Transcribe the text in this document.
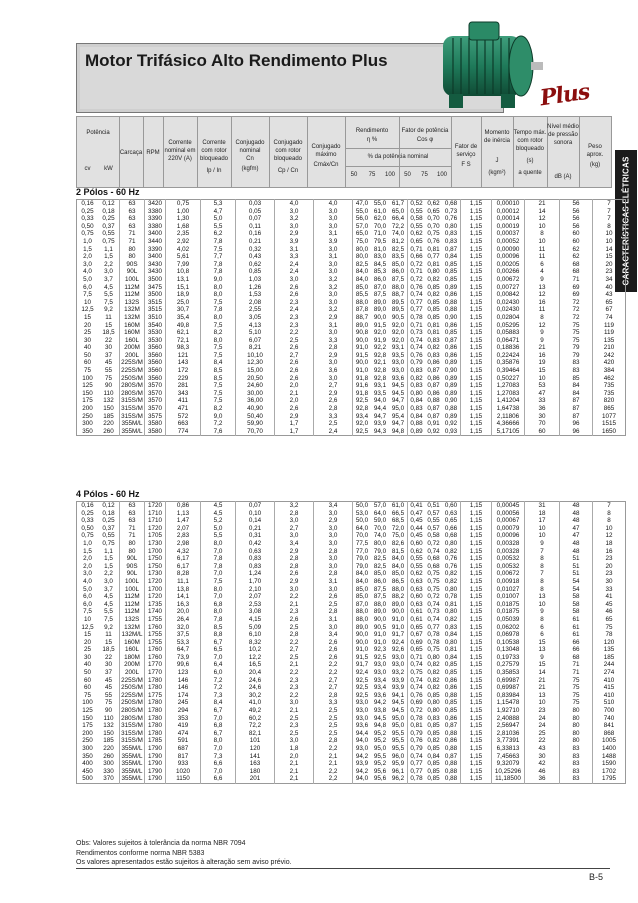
Motor Trifásico Alto Rendimento Plus
Plus
CARACTERÍSTICAS ELÉTRICAS
Potência
cv	kW
Carcaça RPM
Corrente nominal em 220V (A)
Corrente com rotor bloqueado
Ip / In
Conjugado nominal
Cn
(kgfm)
Conjugado com rotor bloqueado
Cp / Cn
Conjugado máximo
Cmáx/Cn
Rendimento
η %
Fator de potência
Cos φ
% da potência nominal
50	75	100	50	75	100
Fator de serviço
F S
Momento de inércia
J
(kgm²)
Tempo máx. com rotor bloqueado
(s)
a quente
Nível médio de pressão sonora
dB (A)
Peso aprox.
(kg)
2 Pólos - 60 Hz
0,16	0,12	63	3420	0,75	5,3	0,03	4,0	4,0	47,0	55,0	61,7	0,52	0,62	0,68	1,15	0,00010	21	56	7
0,25	0,18	63	3380	1,00	4,7	0,05	3,0	3,0	55,0	61,0	65,0	0,55	0,65	0,73	1,15	0,00012	14	56	7
0,33	0,25	63	3390	1,30	5,0	0,07	3,2	3,0	56,0	62,0	66,4	0,58	0,70	0,76	1,15	0,00014	12	56	7
0,50	0,37	63	3380	1,68	5,5	0,11	3,0	3,0	57,0	70,0	72,2	0,55	0,70	0,80	1,15	0,00019	10	56	8
0,75	0,55	71	3400	2,35	6,2	0,16	2,9	3,1	65,0	71,0	74,0	0,62	0,75	0,83	1,15	0,00037	8	60	10
1,0	0,75	71	3440	2,92	7,8	0,21	3,9	3,9	75,0	79,5	81,2	0,65	0,76	0,83	1,15	0,00052	10	60	10
1,5	1,1	80	3390	4,02	7,5	0,32	3,1	3,0	80,0	81,0	82,5	0,71	0,81	0,87	1,15	0,00090	11	62	14
2,0	1,5	80	3400	5,61	7,7	0,43	3,3	3,1	80,0	83,0	83,5	0,66	0,77	0,84	1,15	0,00096	11	62	15
3,0	2,2	90S	3430	7,99	7,8	0,62	2,4	3,0	82,5	84,5	85,0	0,72	0,81	0,85	1,15	0,00205	6	68	20
4,0	3,0	90L	3430	10,8	7,8	0,85	2,4	3,0	84,0	85,3	86,0	0,71	0,80	0,85	1,15	0,00266	4	68	23
5,0	3,7	100L	3500	13,1	9,0	1,03	3,0	3,2	84,0	86,0	87,5	0,72	0,82	0,85	1,15	0,00672	9	71	34
6,0	4,5	112M	3475	15,1	8,0	1,26	2,6	3,2	85,0	87,0	88,0	0,76	0,85	0,89	1,15	0,00727	13	69	40
7,5	5,5	112M	3500	18,9	8,0	1,53	2,6	3,0	85,5	87,5	88,7	0,74	0,82	0,86	1,15	0,00842	12	69	43
10	7,5	132S	3515	25,0	7,5	2,08	2,3	3,0	88,0	89,0	89,5	0,77	0,85	0,88	1,15	0,02430	16	72	65
12,5	9,2	132M	3515	30,7	7,8	2,55	2,4	3,2	87,8	89,0	89,5	0,77	0,85	0,88	1,15	0,02430	11	72	67
15	11	132M	3510	35,4	8,0	3,05	2,3	2,9	88,7	90,0	90,5	0,78	0,85	0,90	1,15	0,02804	8	72	74
20	15	160M	3540	49,8	7,5	4,13	2,3	3,1	89,0	91,5	92,0	0,71	0,81	0,86	1,15	0,05295	12	75	119
25	18,5	160M	3530	62,1	8,2	5,10	2,2	3,0	90,8	92,0	92,0	0,73	0,81	0,85	1,15	0,05883	9	75	119
30	22	160L	3530	72,1	8,0	6,07	2,5	3,3	90,0	91,9	92,0	0,74	0,83	0,87	1,15	0,06471	9	75	135
40	30	200M	3560	98,3	7,5	8,21	2,6	2,8	91,0	92,2	93,1	0,74	0,82	0,86	1,15	0,18836	21	79	210
50	37	200L	3560	121	7,5	10,10	2,7	2,9	91,5	92,8	93,5	0,76	0,83	0,86	1,15	0,22424	16	79	242
60	45	225S/M	3560	143	8,4	12,30	2,6	3,0	90,0	92,1	93,0	0,79	0,86	0,89	1,15	0,35876	19	83	420
75	55	225S/M	3560	172	8,5	15,00	2,6	3,6	91,0	92,8	93,0	0,83	0,87	0,90	1,15	0,39464	15	83	384
100	75	250S/M	3560	229	8,5	20,50	2,6	3,0	91,8	92,8	93,6	0,82	0,86	0,89	1,15	0,50227	10	85	462
125	90	280S/M	3570	281	7,5	24,60	2,0	2,7	91,6	93,1	94,5	0,83	0,87	0,89	1,15	1,27083	53	84	735
150	110	280S/M	3570	343	7,5	30,00	2,1	2,9	91,8	93,5	94,5	0,80	0,86	0,89	1,15	1,27083	47	84	735
175	132	315S/M	3570	411	7,5	36,00	2,0	2,6	92,5	94,0	94,7	0,84	0,88	0,90	1,15	1,41204	33	87	820
200	150	315S/M	3570	471	8,2	40,90	2,6	2,8	92,8	94,4	95,0	0,83	0,87	0,88	1,15	1,64738	36	87	865
250	185	315S/M	3575	572	9,0	50,40	2,9	3,3	93,4	94,7	95,4	0,84	0,87	0,89	1,15	2,11806	30	87	1077
300	220	355M/L	3580	663	7,2	59,90	1,7	2,5	92,0	93,9	94,7	0,88	0,91	0,92	1,15	4,36666	70	96	1515
350	260	355M/L	3580	774	7,6	70,70	1,7	2,4	92,5	94,3	94,8	0,89	0,92	0,93	1,15	5,17105	60	96	1650
4 Pólos - 60 Hz
0,16	0,12	63	1720	0,86	4,5	0,07	3,2	3,4	50,0	57,0	61,0	0,41	0,51	0,60	1,15	0,00045	31	48	7
0,25	0,18	63	1710	1,13	4,5	0,10	2,8	3,0	53,0	64,0	66,5	0,47	0,57	0,63	1,15	0,00056	18	48	8
0,33	0,25	63	1710	1,47	5,2	0,14	3,0	2,9	50,0	59,0	68,5	0,45	0,55	0,65	1,15	0,00067	17	48	8
0,50	0,37	71	1720	2,07	5,0	0,21	2,7	3,0	64,0	70,0	72,0	0,44	0,57	0,66	1,15	0,00079	10	47	10
0,75	0,55	71	1705	2,83	5,5	0,31	3,0	3,0	70,0	74,0	75,0	0,45	0,58	0,68	1,15	0,00096	10	47	12
1,0	0,75	80	1730	2,98	8,0	0,42	3,4	3,0	77,5	80,0	82,6	0,60	0,72	0,80	1,15	0,00328	9	48	18
1,5	1,1	80	1700	4,32	7,0	0,63	2,9	2,8	77,0	79,0	81,5	0,62	0,74	0,82	1,15	0,00328	7	48	16
2,0	1,5	90L	1750	6,17	7,8	0,83	2,8	3,0	79,0	82,5	84,0	0,55	0,68	0,76	1,15	0,00532	8	51	23
2,0	1,5	90S	1750	6,17	7,8	0,83	2,8	3,0	79,0	82,5	84,0	0,55	0,68	0,76	1,15	0,00532	8	51	20
3,0	2,2	90L	1730	8,28	7,0	1,24	2,6	2,8	84,0	85,0	85,0	0,62	0,75	0,82	1,15	0,00672	7	51	23
4,0	3,0	100L	1720	11,1	7,5	1,70	2,9	3,1	84,0	86,0	86,5	0,63	0,75	0,82	1,15	0,00918	8	54	30
5,0	3,7	100L	1700	13,8	8,0	2,10	3,0	3,0	85,0	87,5	88,0	0,63	0,75	0,80	1,15	0,01027	8	54	33
6,0	4,5	112M	1720	14,1	7,0	2,07	2,2	2,6	85,0	87,5	88,2	0,60	0,72	0,78	1,15	0,01007	13	58	41
6,0	4,5	112M	1735	16,3	6,8	2,53	2,1	2,5	87,0	88,0	89,0	0,63	0,74	0,81	1,15	0,01875	10	58	45
7,5	5,5	112M	1740	20,0	8,0	3,08	2,3	2,8	88,0	89,0	90,0	0,61	0,73	0,80	1,15	0,01875	9	58	46
10	7,5	132S	1755	26,4	7,8	4,15	2,6	3,1	88,0	90,0	91,0	0,61	0,74	0,82	1,15	0,05039	8	61	65
12,5	9,2	132M	1760	32,0	8,5	5,09	2,5	3,0	89,0	90,5	91,0	0,65	0,77	0,83	1,15	0,06202	6	61	75
15	11	132M/L	1755	37,5	8,8	6,10	2,8	3,4	90,0	91,0	91,7	0,67	0,78	0,84	1,15	0,06978	6	61	78
20	15	160M	1755	53,3	6,7	8,32	2,2	2,6	90,0	91,0	92,4	0,69	0,78	0,80	1,15	0,10538	15	66	120
25	18,5	160L	1760	64,7	6,5	10,2	2,7	2,6	91,0	92,3	92,6	0,65	0,75	0,81	1,15	0,13048	13	66	135
30	22	180M	1760	73,9	7,0	12,2	2,5	2,6	91,5	92,5	93,0	0,71	0,80	0,84	1,15	0,19733	9	68	185
40	30	200M	1770	99,6	6,4	16,5	2,1	2,2	91,7	93,0	93,0	0,74	0,82	0,85	1,15	0,27579	15	71	244
50	37	200L	1770	123	6,0	20,4	2,2	2,2	92,4	93,0	93,2	0,75	0,82	0,85	1,15	0,35853	14	71	274
60	45	225S/M	1780	146	7,2	24,6	2,3	2,7	92,5	93,4	93,9	0,74	0,82	0,86	1,15	0,69987	21	75	410
60	45	250S/M	1780	146	7,2	24,6	2,3	2,7	92,5	93,4	93,9	0,74	0,82	0,86	1,15	0,69987	21	75	415
75	55	225S/M	1775	174	7,3	30,2	2,2	2,8	92,5	93,6	94,1	0,76	0,85	0,88	1,15	0,83984	13	75	410
100	75	250S/M	1780	245	8,4	41,0	3,0	3,3	93,0	94,2	94,5	0,69	0,80	0,85	1,15	1,15478	10	75	510
125	90	280S/M	1780	294	6,7	49,2	2,1	2,5	93,0	93,8	94,5	0,72	0,80	0,85	1,15	1,92710	23	80	700
150	110	280S/M	1780	353	7,0	60,2	2,5	2,5	93,0	94,5	95,0	0,78	0,83	0,86	1,15	2,40888	24	80	740
175	132	315S/M	1780	419	6,8	72,2	2,3	2,5	93,6	94,8	95,0	0,81	0,85	0,87	1,15	2,56947	24	80	841
200	150	315S/M	1780	474	6,7	82,1	2,5	2,5	94,4	95,2	95,5	0,79	0,85	0,88	1,15	2,81036	25	80	868
250	185	315S/M	1785	591	8,0	101	3,0	2,8	94,0	95,2	95,5	0,76	0,82	0,86	1,15	3,77391	22	80	1005
300	220	355M/L	1790	687	7,0	120	1,8	2,2	93,0	95,0	95,5	0,79	0,85	0,88	1,15	6,33813	43	83	1400
350	260	355M/L	1790	817	7,3	141	2,0	2,1	94,2	95,5	96,0	0,74	0,84	0,87	1,15	7,45663	30	83	1488
400	300	355M/L	1790	933	6,6	163	2,1	2,1	93,9	95,2	95,9	0,77	0,85	0,88	1,15	9,32079	42	83	1590
450	330	355M/L	1790	1020	7,0	180	2,1	2,2	94,2	95,6	96,1	0,77	0,85	0,88	1,15	10,25296	46	83	1702
500	370	355M/L	1790	1150	6,6	201	2,1	2,2	94,0	95,6	96,2	0,78	0,85	0,88	1,15	11,18500	36	83	1795
Obs: Valores sujeitos à tolerância da norma NBR 7094
Rendimentos conforme norma NBR 5383
Os valores apresentados estão sujeitos à alteração sem aviso prévio.
B-5
